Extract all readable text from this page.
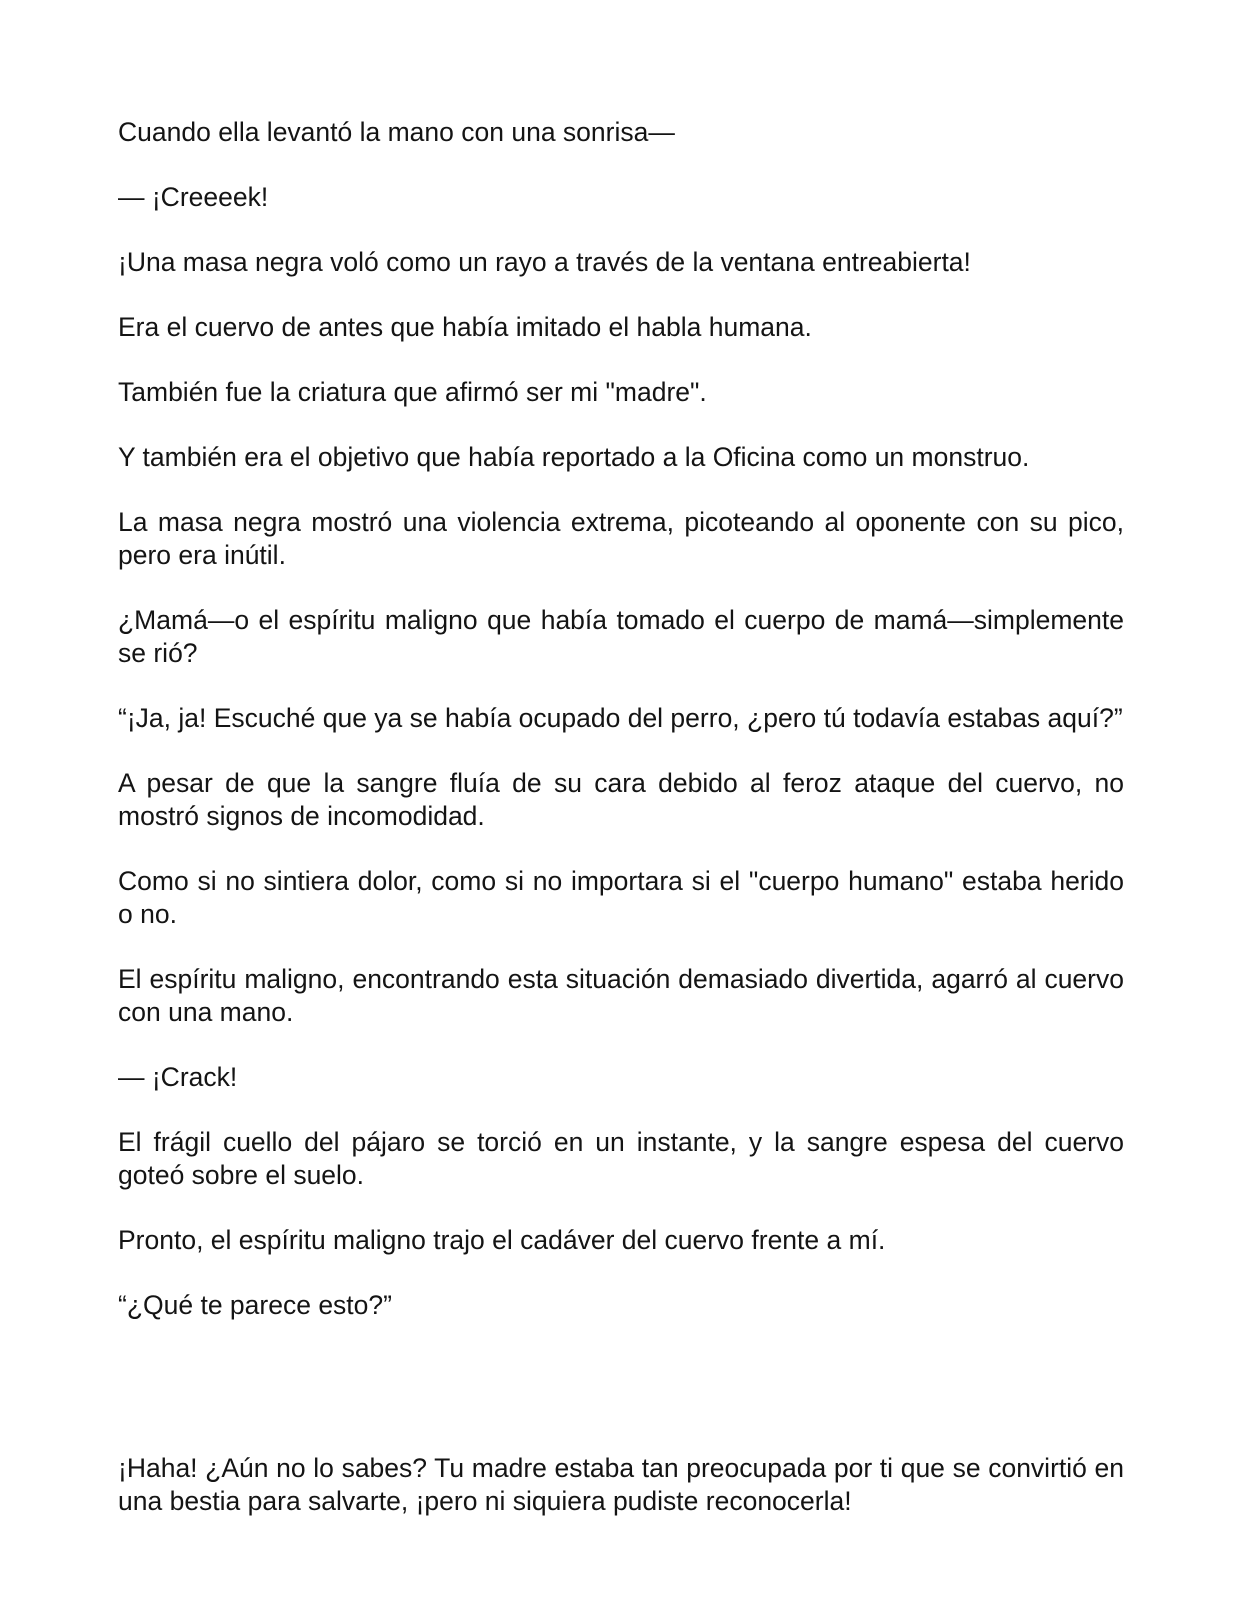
Cuando ella levantó la mano con una sonrisa—

— ¡Creeeek!

¡Una masa negra voló como un rayo a través de la ventana entreabierta!

Era el cuervo de antes que había imitado el habla humana.

También fue la criatura que afirmó ser mi "madre".

Y también era el objetivo que había reportado a la Oficina como un monstruo.

La masa negra mostró una violencia extrema, picoteando al oponente con su pico, pero era inútil.

¿Mamá—o el espíritu maligno que había tomado el cuerpo de mamá—simplemente se rió?

“¡Ja, ja! Escuché que ya se había ocupado del perro, ¿pero tú todavía estabas aquí?”

A pesar de que la sangre fluía de su cara debido al feroz ataque del cuervo, no mostró signos de incomodidad.

Como si no sintiera dolor, como si no importara si el "cuerpo humano" estaba herido o no.

El espíritu maligno, encontrando esta situación demasiado divertida, agarró al cuervo con una mano.

— ¡Crack!

El frágil cuello del pájaro se torció en un instante, y la sangre espesa del cuervo goteó sobre el suelo.

Pronto, el espíritu maligno trajo el cadáver del cuervo frente a mí.

“¿Qué te parece esto?”

¡Haha! ¿Aún no lo sabes? Tu madre estaba tan preocupada por ti que se convirtió en una bestia para salvarte, ¡pero ni siquiera pudiste reconocerla!
